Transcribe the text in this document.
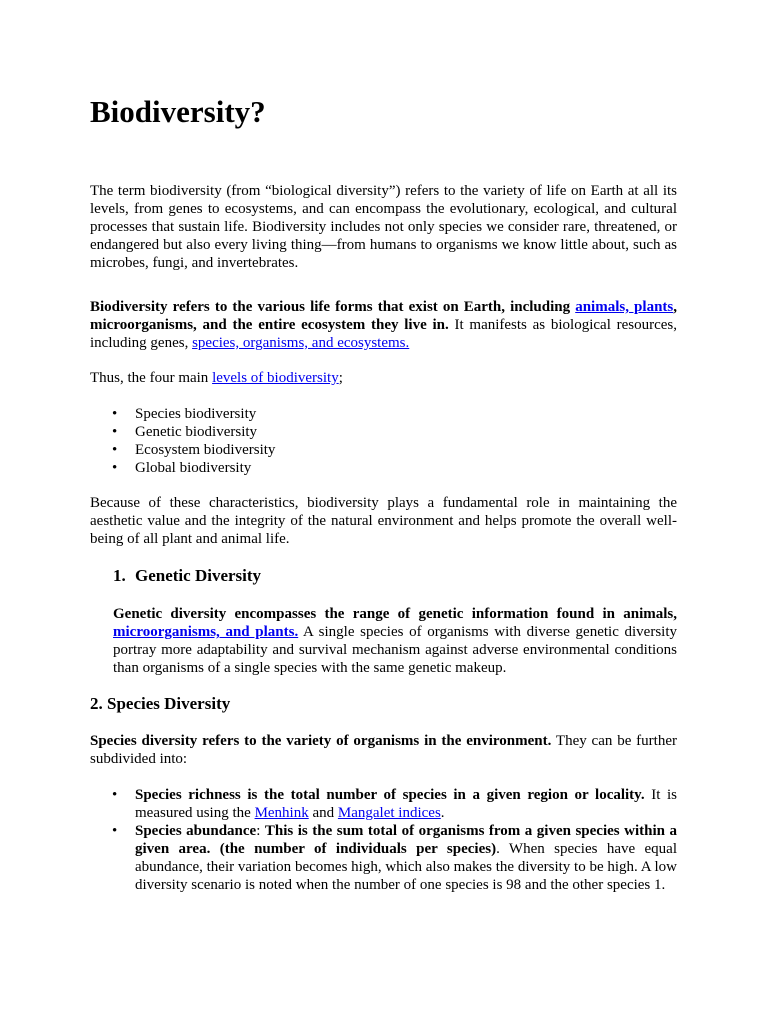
Biodiversity?

The term biodiversity (from “biological diversity”) refers to the variety of life on Earth at all its levels, from genes to ecosystems, and can encompass the evolutionary, ecological, and cultural processes that sustain life. Biodiversity includes not only species we consider rare, threatened, or endangered but also every living thing—from humans to organisms we know little about, such as microbes, fungi, and invertebrates.

Biodiversity refers to the various life forms that exist on Earth, including animals, plants, microorganisms, and the entire ecosystem they live in. It manifests as biological resources, including genes, species, organisms, and ecosystems.

Thus, the four main levels of biodiversity;

• Species biodiversity
• Genetic biodiversity
• Ecosystem biodiversity
• Global biodiversity

Because of these characteristics, biodiversity plays a fundamental role in maintaining the aesthetic value and the integrity of the natural environment and helps promote the overall well-being of all plant and animal life.

1. Genetic Diversity

Genetic diversity encompasses the range of genetic information found in animals, microorganisms, and plants. A single species of organisms with diverse genetic diversity portray more adaptability and survival mechanism against adverse environmental conditions than organisms of a single species with the same genetic makeup.

2. Species Diversity

Species diversity refers to the variety of organisms in the environment. They can be further subdivided into:

• Species richness is the total number of species in a given region or locality. It is measured using the Menhink and Mangalet indices.
• Species abundance: This is the sum total of organisms from a given species within a given area. (the number of individuals per species). When species have equal abundance, their variation becomes high, which also makes the diversity to be high. A low diversity scenario is noted when the number of one species is 98 and the other species 1.
